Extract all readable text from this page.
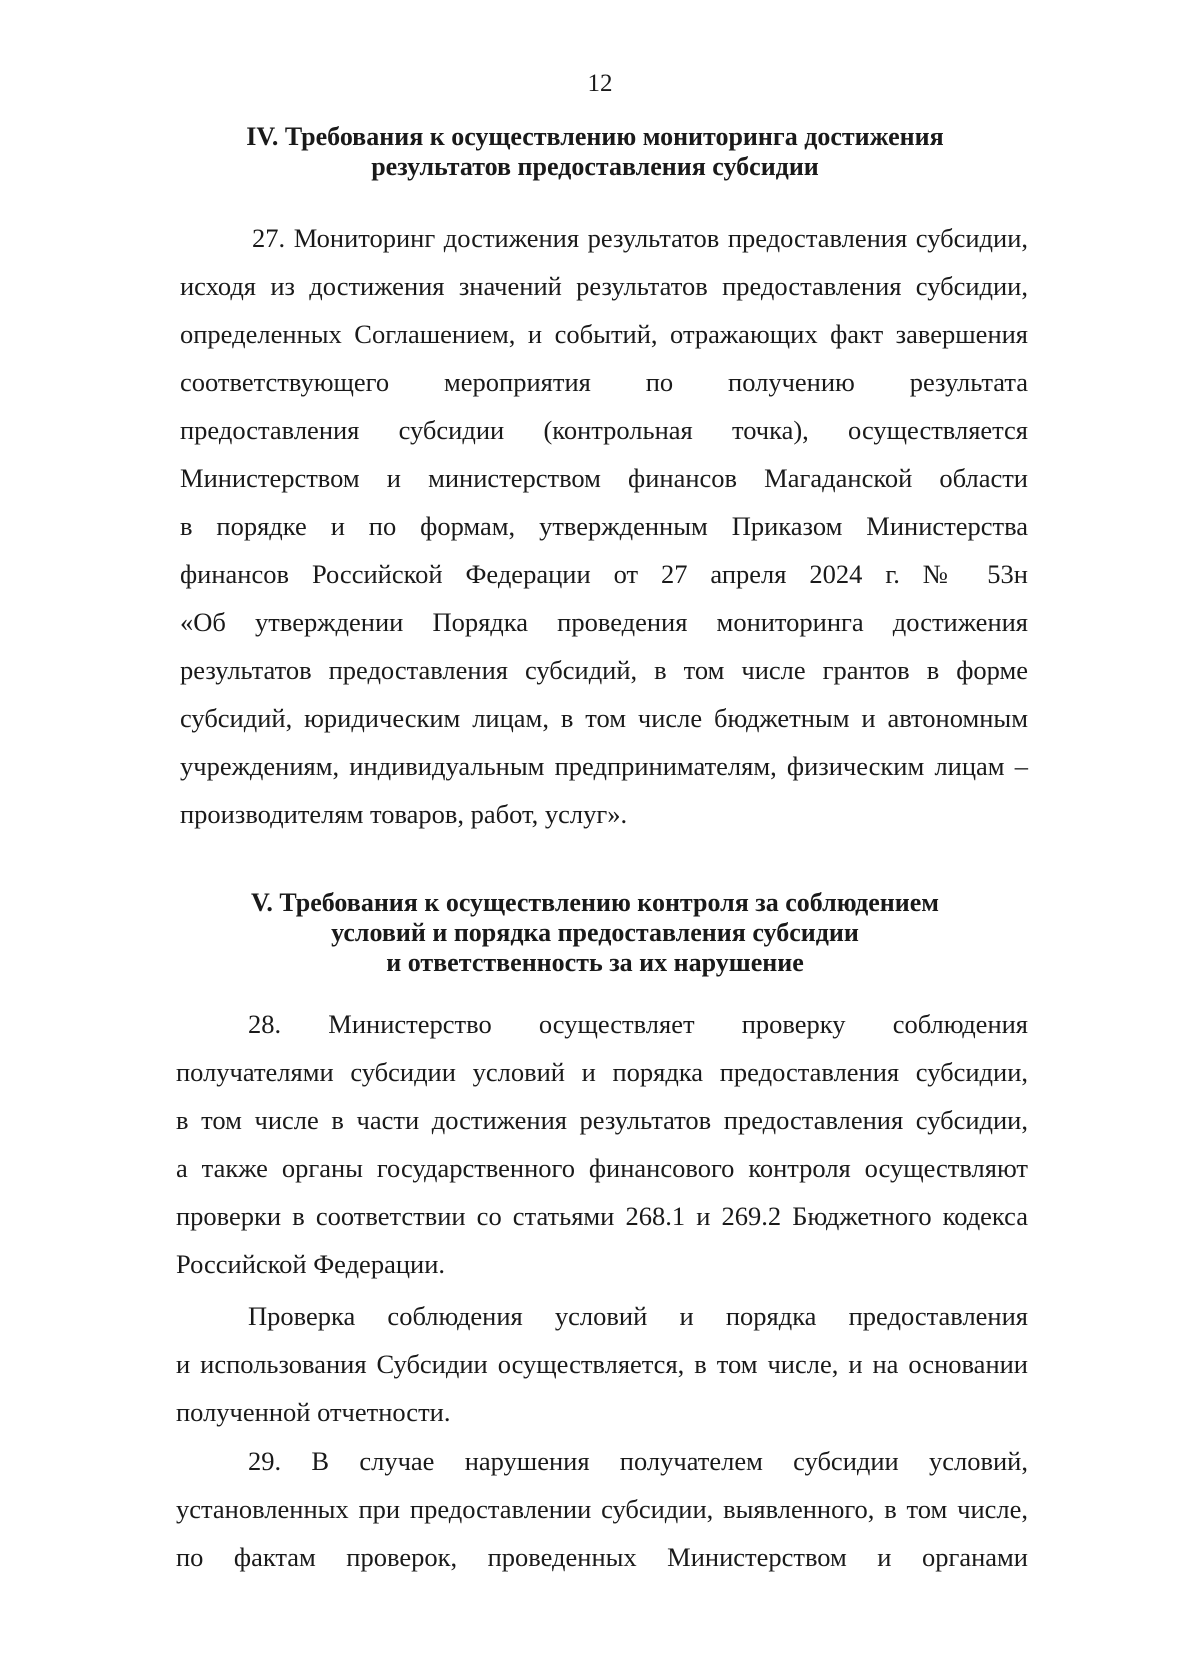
12
IV. Требования к осуществлению мониторинга достижения
результатов предоставления субсидии
27. Мониторинг достижения результатов предоставления субсидии,
исходя из достижения значений результатов предоставления субсидии,
определенных Соглашением, и событий, отражающих факт завершения
соответствующего мероприятия по получению результата
предоставления субсидии (контрольная точка), осуществляется
Министерством и министерством финансов Магаданской области
в порядке и по формам, утвержденным Приказом Министерства
финансов Российской Федерации от 27 апреля 2024 г. № 53н
«Об утверждении Порядка проведения мониторинга достижения
результатов предоставления субсидий, в том числе грантов в форме
субсидий, юридическим лицам, в том числе бюджетным и автономным
учреждениям, индивидуальным предпринимателям, физическим лицам –
производителям товаров, работ, услуг».
V. Требования к осуществлению контроля за соблюдением
условий и порядка предоставления субсидии
и ответственность за их нарушение
28. Министерство осуществляет проверку соблюдения
получателями субсидии условий и порядка предоставления субсидии,
в том числе в части достижения результатов предоставления субсидии,
а также органы государственного финансового контроля осуществляют
проверки в соответствии со статьями 268.1 и 269.2 Бюджетного кодекса
Российской Федерации.
Проверка соблюдения условий и порядка предоставления
и использования Субсидии осуществляется, в том числе, и на основании
полученной отчетности.
29. В случае нарушения получателем субсидии условий,
установленных при предоставлении субсидии, выявленного, в том числе,
по фактам проверок, проведенных Министерством и органами
